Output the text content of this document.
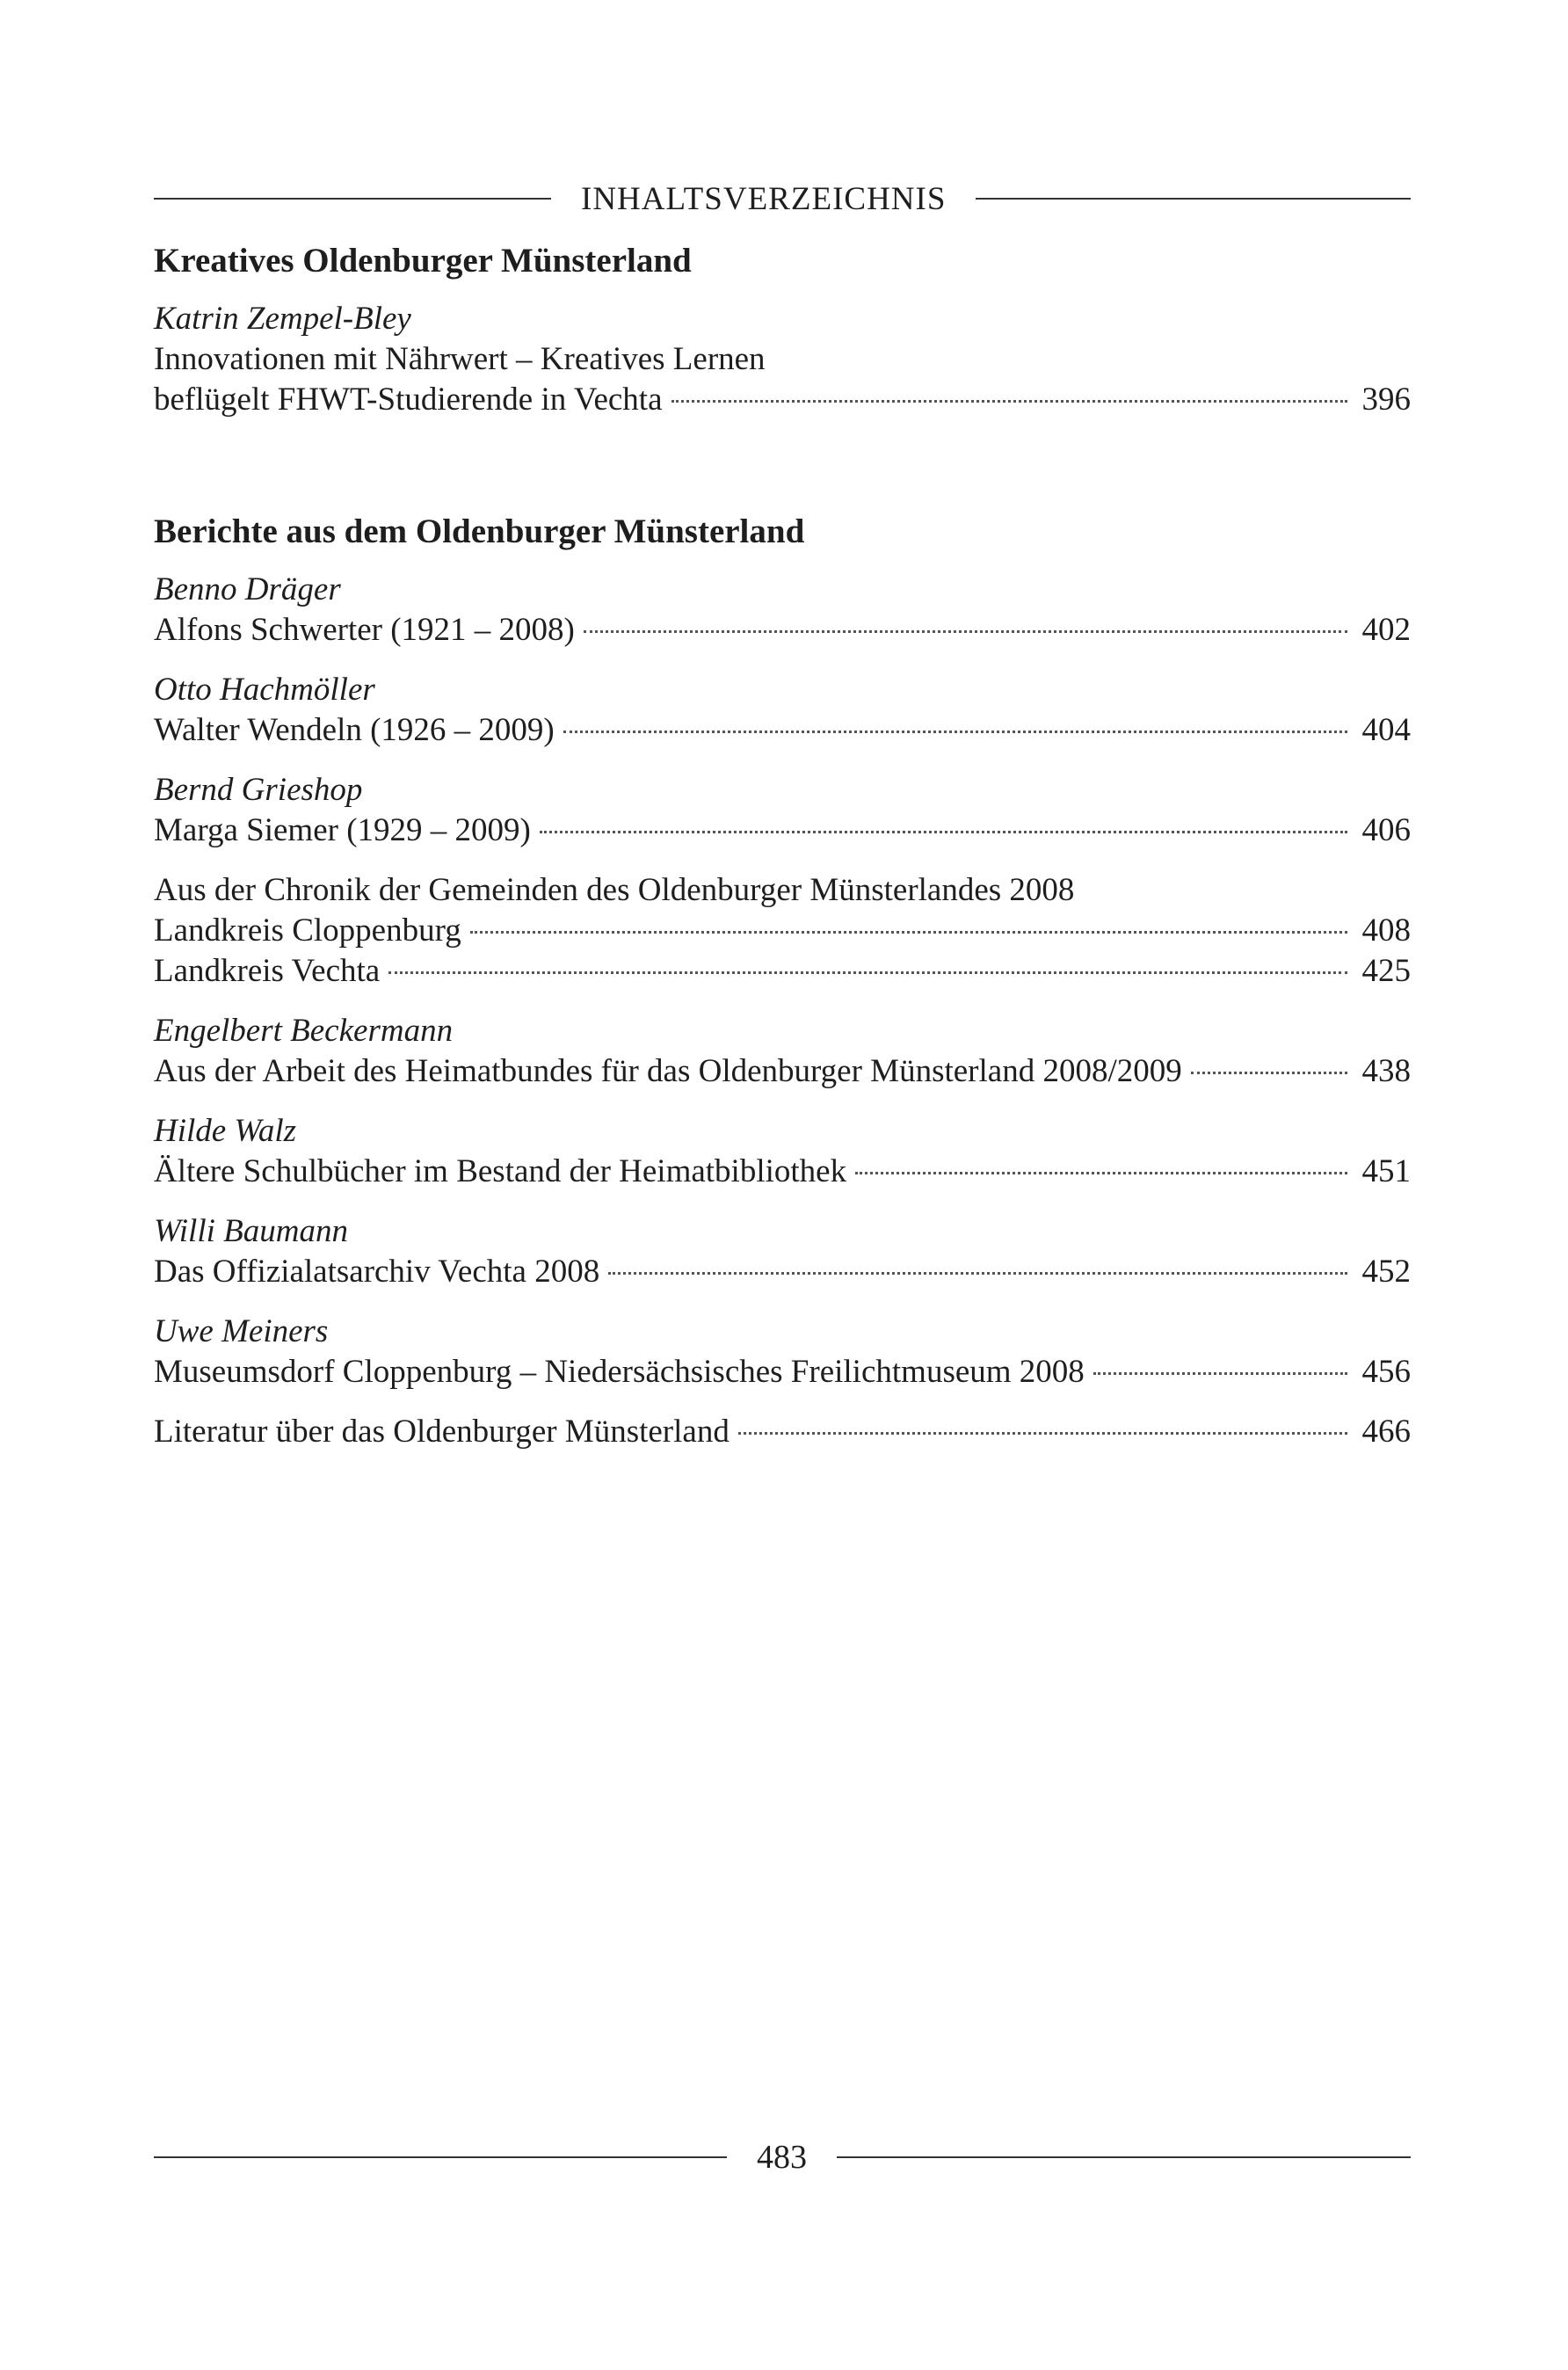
INHALTSVERZEICHNIS
Kreatives Oldenburger Münsterland
Katrin Zempel-Bley
Innovationen mit Nährwert – Kreatives Lernen
beflügelt FHWT-Studierende in Vechta	396
Berichte aus dem Oldenburger Münsterland
Benno Dräger
Alfons Schwerter (1921 – 2008)	402
Otto Hachmöller
Walter Wendeln (1926 – 2009)	404
Bernd Grieshop
Marga Siemer (1929 – 2009)	406
Aus der Chronik der Gemeinden des Oldenburger Münsterlandes 2008
Landkreis Cloppenburg	408
Landkreis Vechta	425
Engelbert Beckermann
Aus der Arbeit des Heimatbundes für das Oldenburger Münsterland 2008/2009	438
Hilde Walz
Ältere Schulbücher im Bestand der Heimatbibliothek	451
Willi Baumann
Das Offizialatsarchiv Vechta 2008	452
Uwe Meiners
Museumsdorf Cloppenburg – Niedersächsisches Freilichtmuseum 2008	456
Literatur über das Oldenburger Münsterland	466
483
